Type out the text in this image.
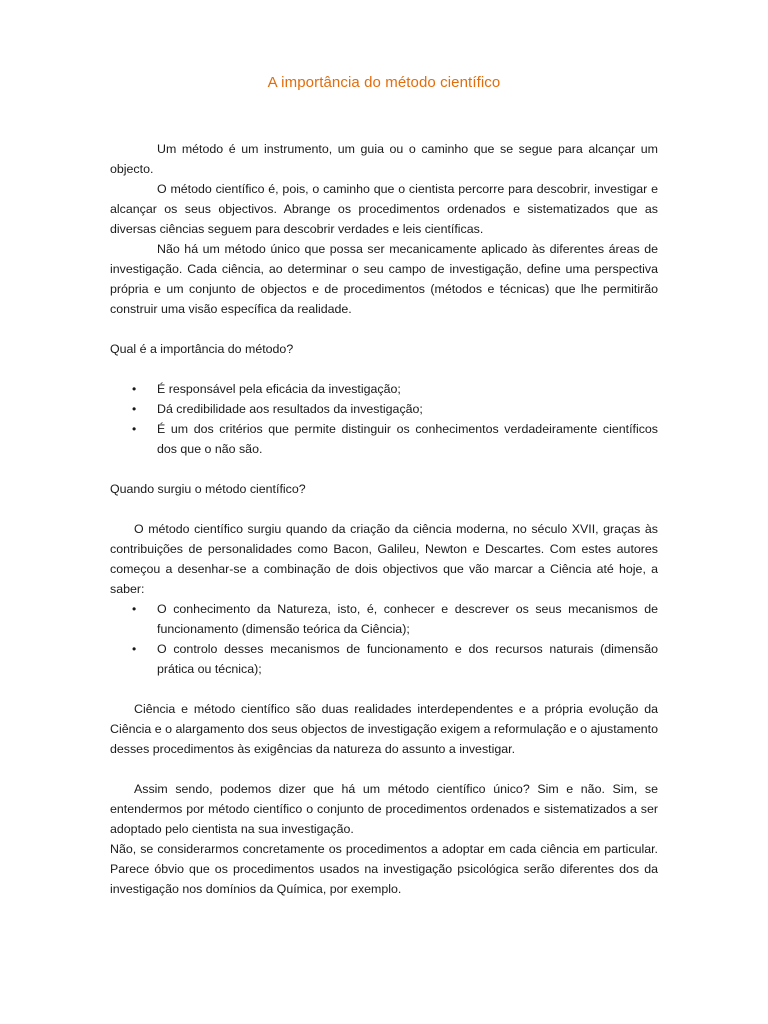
A importância do método científico

Um método é um instrumento, um guia ou o caminho que se segue para alcançar um objecto.

O método científico é, pois, o caminho que o cientista percorre para descobrir, investigar e alcançar os seus objectivos. Abrange os procedimentos ordenados e sistematizados que as diversas ciências seguem para descobrir verdades e leis científicas.

Não há um método único que possa ser mecanicamente aplicado às diferentes áreas de investigação. Cada ciência, ao determinar o seu campo de investigação, define uma perspectiva própria e um conjunto de objectos e de procedimentos (métodos e técnicas) que lhe permitirão construir uma visão específica da realidade.

Qual é a importância do método?
• É responsável pela eficácia da investigação;
• Dá credibilidade aos resultados da investigação;
• É um dos critérios que permite distinguir os conhecimentos verdadeiramente científicos dos que o não são.
Quando surgiu o método científico?

O método científico surgiu quando da criação da ciência moderna, no século XVII, graças às contribuições de personalidades como Bacon, Galileu, Newton e Descartes. Com estes autores começou a desenhar-se a combinação de dois objectivos que vão marcar a Ciência até hoje, a saber:

• O conhecimento da Natureza, isto, é, conhecer e descrever os seus mecanismos de funcionamento (dimensão teórica da Ciência);
• O controlo desses mecanismos de funcionamento e dos recursos naturais (dimensão prática ou técnica);

Ciência e método científico são duas realidades interdependentes e a própria evolução da Ciência e o alargamento dos seus objectos de investigação exigem a reformulação e o ajustamento desses procedimentos às exigências da natureza do assunto a investigar.

Assim sendo, podemos dizer que há um método científico único? Sim e não. Sim, se entendermos por método científico o conjunto de procedimentos ordenados e sistematizados a ser adoptado pelo cientista na sua investigação.

Não, se considerarmos concretamente os procedimentos a adoptar em cada ciência em particular. Parece óbvio que os procedimentos usados na investigação psicológica serão diferentes dos da investigação nos domínios da Química, por exemplo.
